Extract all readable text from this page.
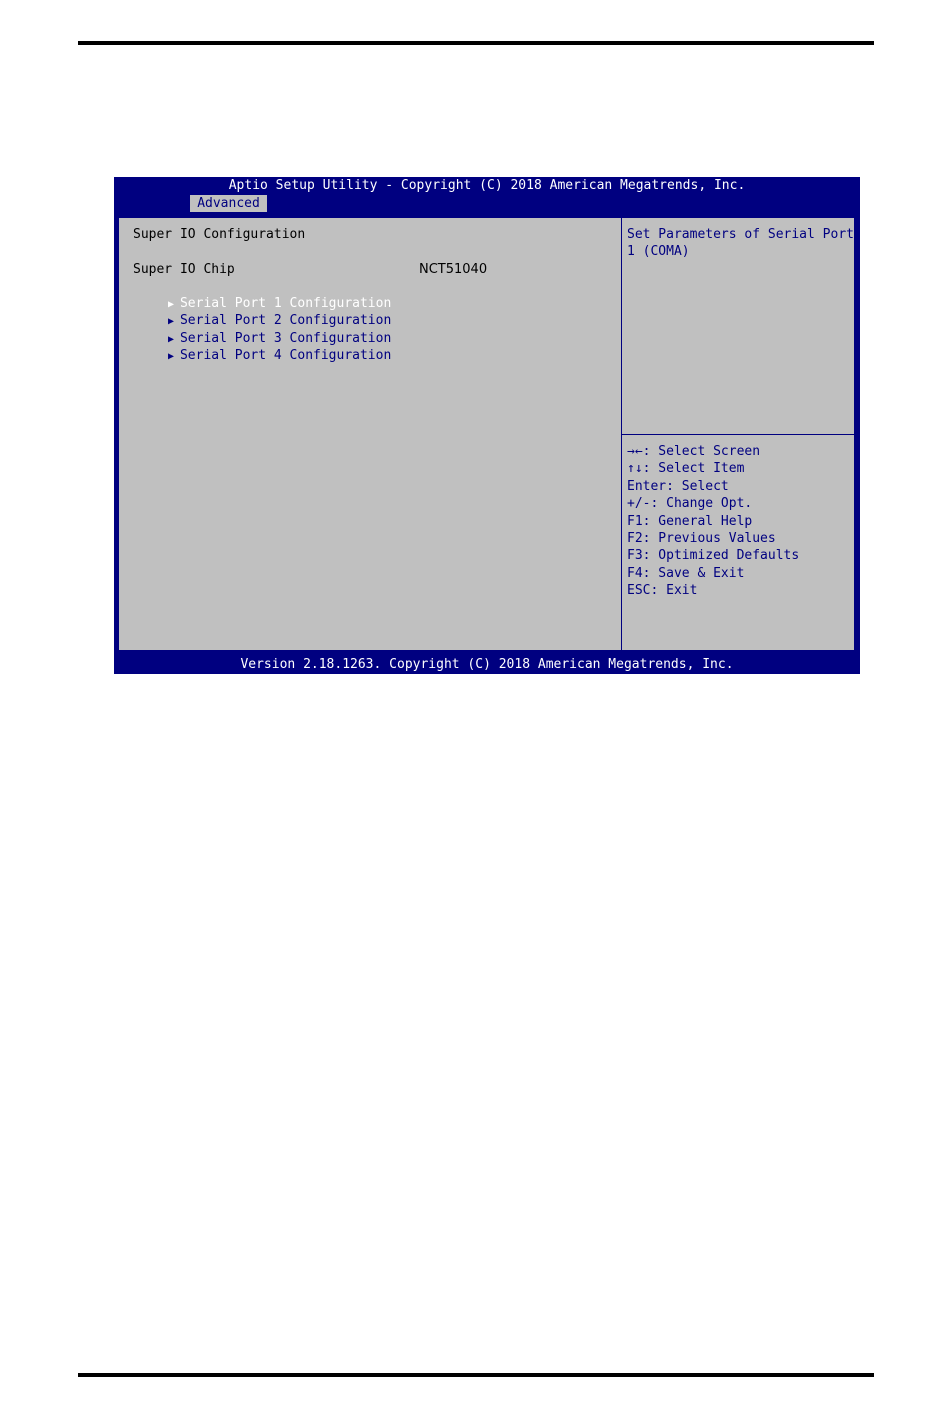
Aptio Setup Utility - Copyright (C) 2018 American Megatrends, Inc.
Advanced
Super IO Configuration
Super IO Chip	NCT51040

▶ Serial Port 1 Configuration

▶ Serial Port 2 Configuration

▶ Serial Port 3 Configuration

▶ Serial Port 4 Configuration

Set Parameters of Serial Port 1 (COMA)
→←: Select Screen
↑↓: Select Item
Enter: Select
+/-: Change Opt.
F1: General Help
F2: Previous Values
F3: Optimized Defaults
F4: Save & Exit
ESC: Exit
Version 2.18.1263. Copyright (C) 2018 American Megatrends, Inc.
